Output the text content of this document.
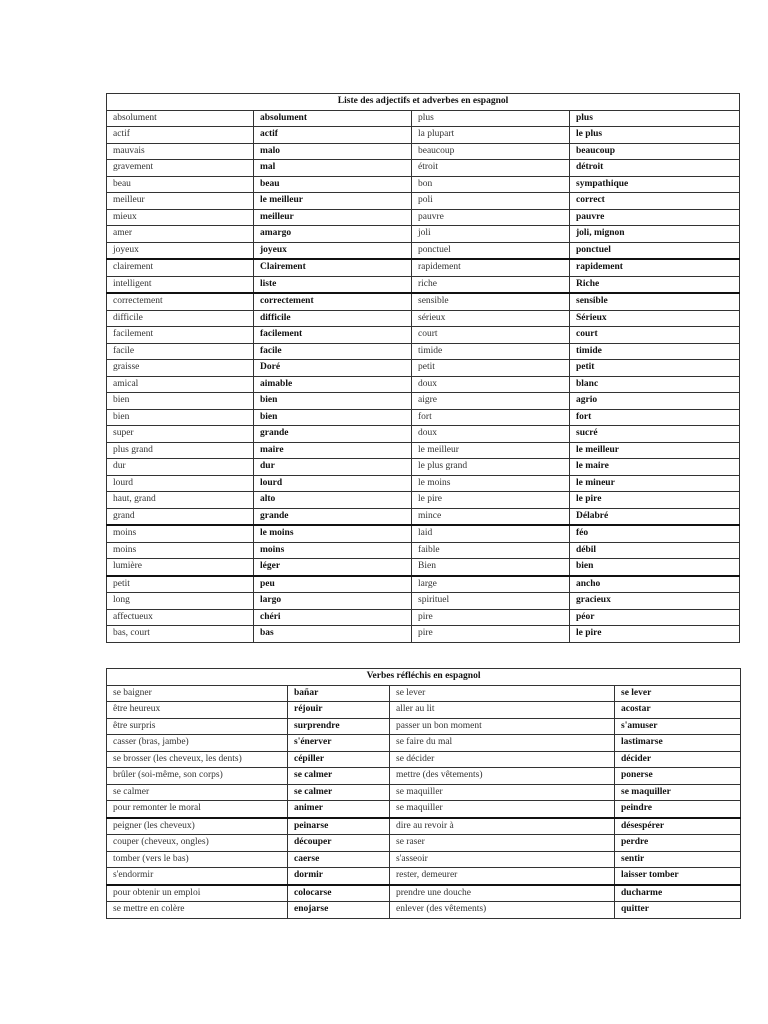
Liste des adjectifs et adverbes en espagnol			
absolument	absolument	plus	plus
actif	actif	la plupart	le plus
mauvais	malo	beaucoup	beaucoup
gravement	mal	étroit	détroit
beau	beau	bon	sympathique
meilleur	le meilleur	poli	correct
mieux	meilleur	pauvre	pauvre
amer	amargo	joli	joli, mignon
joyeux	joyeux	ponctuel	ponctuel
clairement	Clairement	rapidement	rapidement
intelligent	liste	riche	Riche
correctement	correctement	sensible	sensible
difficile	difficile	sérieux	Sérieux
facilement	facilement	court	court
facile	facile	timide	timide
graisse	Doré	petit	petit
amical	aimable	doux	blanc
bien	bien	aigre	agrio
bien	bien	fort	fort
super	grande	doux	sucré
plus grand	maire	le meilleur	le meilleur
dur	dur	le plus grand	le maire
lourd	lourd	le moins	le mineur
haut, grand	alto	le pire	le pire
grand	grande	mince	Délabré
moins	le moins	laid	féo
moins	moins	faible	débil
lumière	léger	Bien	bien
petit	peu	large	ancho
long	largo	spirituel	gracieux
affectueux	chéri	pire	péor
bas, court	bas	pire	le pire
Verbes réfléchis en espagnol			
se baigner	bañar	se lever	se lever
être heureux	réjouir	aller au lit	acostar
être surpris	surprendre	passer un bon moment	s'amuser
casser (bras, jambe)	s'énerver	se faire du mal	lastimarse
se brosser (les cheveux, les dents)	cépiller	se décider	décider
brûler (soi-même, son corps)	se calmer	mettre (des vêtements)	ponerse
se calmer	se calmer	se maquiller	se maquiller
pour remonter le moral	animer	se maquiller	peindre
peigner (les cheveux)	peinarse	dire au revoir à	désespérer
couper (cheveux, ongles)	découper	se raser	perdre
tomber (vers le bas)	caerse	s'asseoir	sentir
s'endormir	dormir	rester, demeurer	laisser tomber
pour obtenir un emploi	colocarse	prendre une douche	ducharme
se mettre en colère	enojarse	enlever (des vêtements)	quitter
